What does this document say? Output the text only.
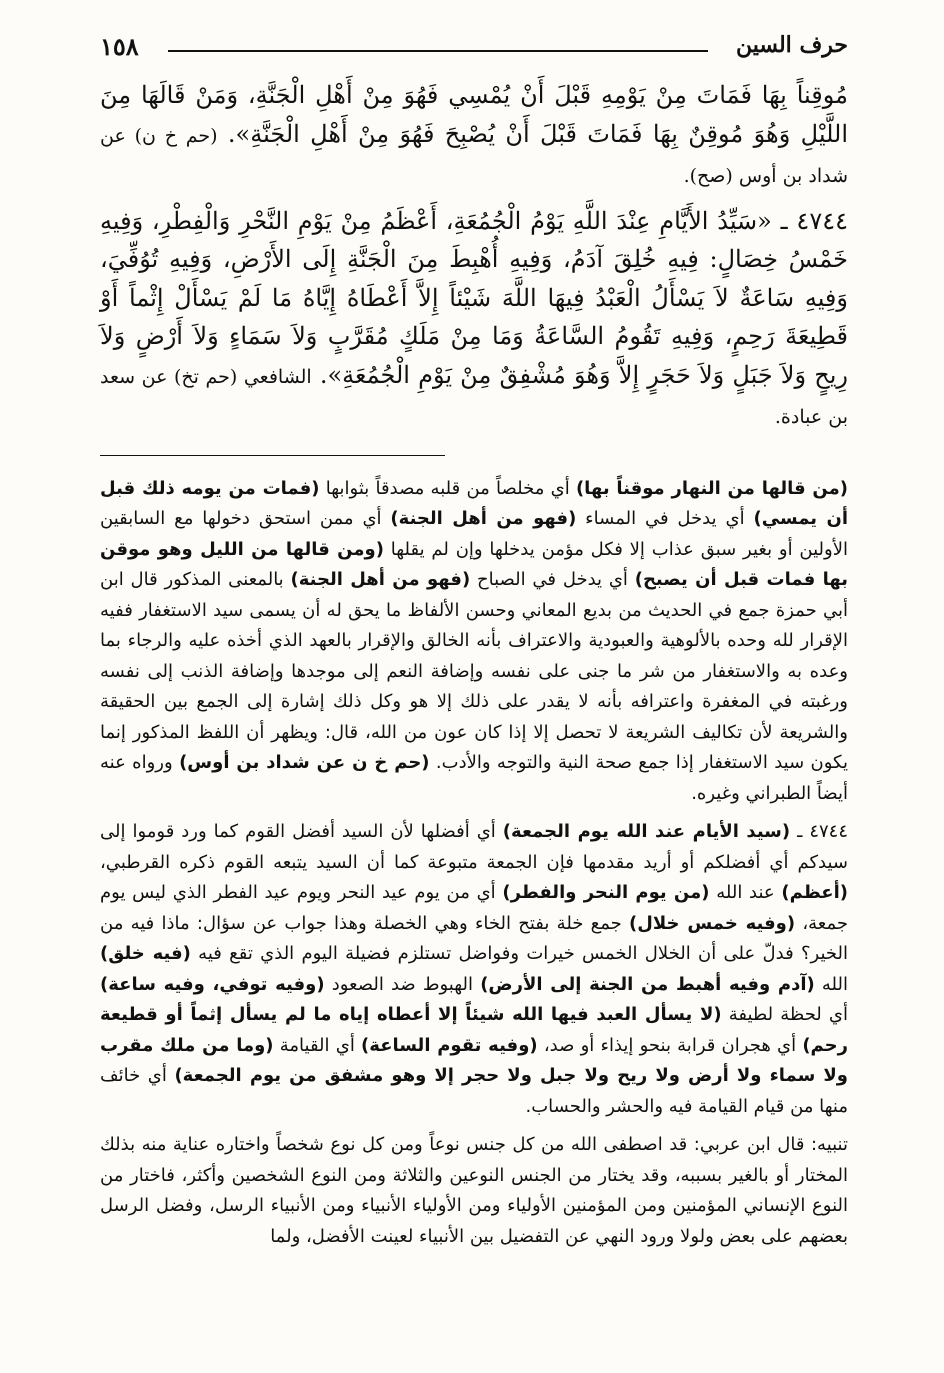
١٥٨	حرف السين

مُوقِناً بِهَا فَمَاتَ مِنْ يَوْمِهِ قَبْلَ أَنْ يُمْسِي فَهُوَ مِنْ أَهْلِ الْجَنَّةِ، وَمَنْ قَالَهَا مِنَ اللَّيْلِ وَهُوَ مُوقِنٌ بِهَا فَمَاتَ قَبْلَ أَنْ يُصْبِحَ فَهُوَ مِنْ أَهْلِ الْجَنَّةِ». (حم خ ن) عن شداد بن أوس (صح).

٤٧٤٤ ـ «سَيِّدُ الأَيَّامِ عِنْدَ اللَّهِ يَوْمُ الْجُمُعَةِ، أَعْظَمُ مِنْ يَوْمِ النَّحْرِ وَالْفِطْرِ، وَفِيهِ خَمْسُ خِصَالٍ: فِيهِ خُلِقَ آدَمُ، وَفِيهِ أُهْبِطَ مِنَ الْجَنَّةِ إِلَى الأَرْضِ، وَفِيهِ تُوُفِّيَ، وَفِيهِ سَاعَةٌ لاَ يَسْأَلُ الْعَبْدُ فِيهَا اللَّهَ شَيْئاً إِلاَّ أَعْطَاهُ إِيَّاهُ مَا لَمْ يَسْأَلْ إِثْماً أَوْ قَطِيعَةَ رَحِمٍ، وَفِيهِ تَقُومُ السَّاعَةُ وَمَا مِنْ مَلَكٍ مُقَرَّبٍ وَلاَ سَمَاءٍ وَلاَ أَرْضٍ وَلاَ رِيحٍ وَلاَ جَبَلٍ وَلاَ حَجَرٍ إِلاَّ وَهُوَ مُشْفِقٌ مِنْ يَوْمِ الْجُمُعَةِ». الشافعي (حم تخ) عن سعد بن عبادة.

(من قالها من النهار موقناً بها) أي مخلصاً من قلبه مصدقاً بثوابها (فمات من يومه ذلك قبل أن يمسي) أي يدخل في المساء (فهو من أهل الجنة) أي ممن استحق دخولها مع السابقين الأولين أو بغير سبق عذاب إلا فكل مؤمن يدخلها وإن لم يقلها (ومن قالها من الليل وهو موقن بها فمات قبل أن يصبح) أي يدخل في الصباح (فهو من أهل الجنة) بالمعنى المذكور قال ابن أبي حمزة جمع في الحديث من بديع المعاني وحسن الألفاظ ما يحق له أن يسمى سيد الاستغفار ففيه الإقرار لله وحده بالألوهية والعبودية والاعتراف بأنه الخالق والإقرار بالعهد الذي أخذه عليه والرجاء بما وعده به والاستغفار من شر ما جنى على نفسه وإضافة النعم إلى موجدها وإضافة الذنب إلى نفسه ورغبته في المغفرة واعترافه بأنه لا يقدر على ذلك إلا هو وكل ذلك إشارة إلى الجمع بين الحقيقة والشريعة لأن تكاليف الشريعة لا تحصل إلا إذا كان عون من الله، قال: ويظهر أن اللفظ المذكور إنما يكون سيد الاستغفار إذا جمع صحة النية والتوجه والأدب. (حم خ ن عن شداد بن أوس) ورواه عنه أيضاً الطبراني وغيره.

٤٧٤٤ ـ (سيد الأيام عند الله يوم الجمعة) أي أفضلها لأن السيد أفضل القوم كما ورد قوموا إلى سيدكم أي أفضلكم أو أريد مقدمها فإن الجمعة متبوعة كما أن السيد يتبعه القوم ذكره القرطبي، (أعظم) عند الله (من يوم النحر والفطر) أي من يوم عيد النحر ويوم عيد الفطر الذي ليس يوم جمعة، (وفيه خمس خلال) جمع خلة بفتح الخاء وهي الخصلة وهذا جواب عن سؤال: ماذا فيه من الخير؟ فدلّ على أن الخلال الخمس خيرات وفواضل تستلزم فضيلة اليوم الذي تقع فيه (فيه خلق) الله (آدم وفيه أهبط من الجنة إلى الأرض) الهبوط ضد الصعود (وفيه توفي، وفيه ساعة) أي لحظة لطيفة (لا يسأل العبد فيها الله شيئاً إلا أعطاه إياه ما لم يسأل إثماً أو قطيعة رحم) أي هجران قرابة بنحو إيذاء أو صد، (وفيه تقوم الساعة) أي القيامة (وما من ملك مقرب ولا سماء ولا أرض ولا ريح ولا جبل ولا حجر إلا وهو مشفق من يوم الجمعة) أي خائف منها من قيام القيامة فيه والحشر والحساب.

تنبيه: قال ابن عربي: قد اصطفى الله من كل جنس نوعاً ومن كل نوع شخصاً واختاره عناية منه بذلك المختار أو بالغير بسببه، وقد يختار من الجنس النوعين والثلاثة ومن النوع الشخصين وأكثر، فاختار من النوع الإنساني المؤمنين ومن المؤمنين الأولياء ومن الأولياء الأنبياء ومن الأنبياء الرسل، وفضل الرسل بعضهم على بعض ولولا ورود النهي عن التفضيل بين الأنبياء لعينت الأفضل، ولما
